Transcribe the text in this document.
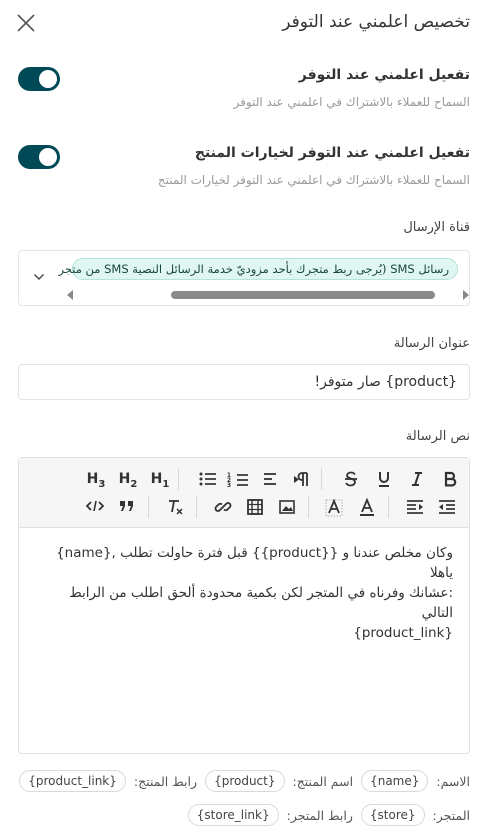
تخصيص اعلمني عند التوفر
تفعيل اعلمني عند التوفر
السماح للعملاء بالاشتراك في اعلمني عند التوفر
تفعيل اعلمني عند التوفر لخيارات المنتج
السماح للعملاء بالاشتراك في اعلمني عند التوفر لخيارات المنتج
قناة الإرسال
رسائل SMS (يُرجى ربط متجرك بأحد مزوديّ خدمة الرسائل النصية SMS من متجر
عنوان الرسالة
{product} صار متوفر!
نص الرسالة
1
2
3
$H_1$
$H_2$
$H_3$
وكان مخلص عندنا و {{product}} قبل فترة حاولت تطلب ,{name} ياهلا
:عشانك وفرناه في المتجر لكن بكمية محدودة ألحق اطلب من الرابط التالي
{product_link}
الاسم:
{name}
اسم المنتج:
{product}
رابط المنتج:
{product_link}
المتجر:
{store}
رابط المتجر:
{store_link}
